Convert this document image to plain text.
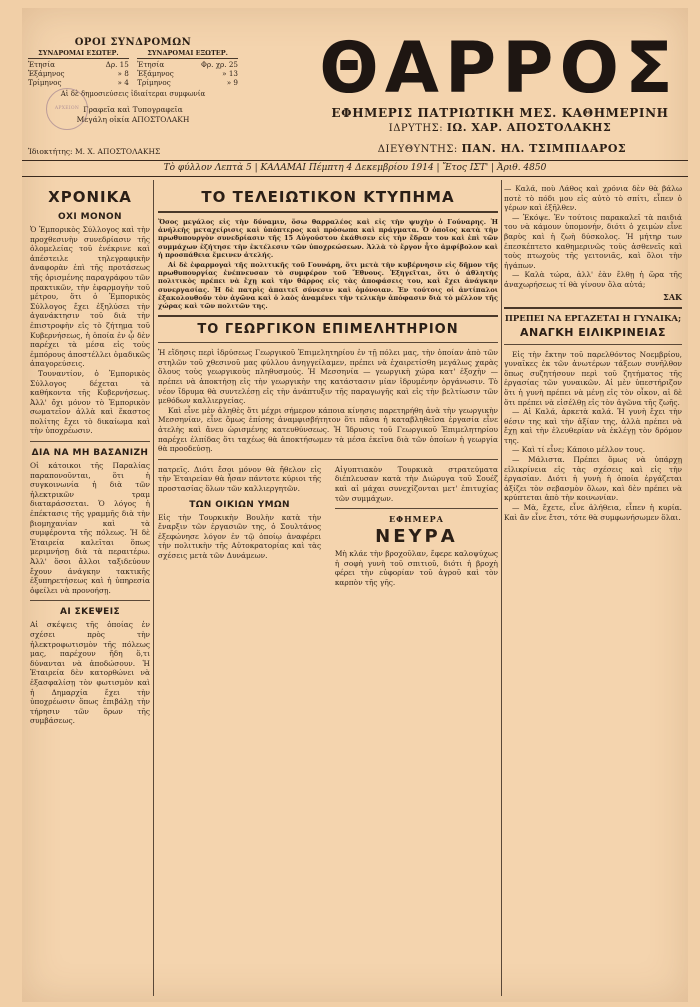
ΟΡΟΙ ΣΥΝΔΡΟΜΩΝ
ΣΥΝΔΡΟΜΑΙ ΕΣΩΤΕΡ.
Ἐτησία	Δρ. 15
Ἑξάμηνος	» 8
Τρίμηνος	» 4
ΣΥΝΔΡΟΜΑΙ ΕΞΩΤΕΡ.
Ἐτησία	Φρ. χρ. 25
Ἑξάμηνος	» 13
Τρίμηνος	» 9
Αἱ δὲ δημοσιεύσεις ἰδιαίτεραι συμφωνία
Γραφεῖα καὶ Τυπογραφεῖα
Μεγάλη οἰκία ΑΠΟΣΤΟΛΑΚΗ
ΑΡΧΕΙΟΝ	ΘΑΡΡΟΣ
ΕΦΗΜΕΡΙΣ ΠΑΤΡΙΩΤΙΚΗ ΜΕΣ. ΚΑΘΗΜΕΡΙΝΗ
ΙΔΡΥΤΗΣ: ΙΩ. ΧΑΡ. ΑΠΟΣΤΟΛΑΚΗΣ
Ἰδιοκτήτης: Μ. Χ. ΑΠΟΣΤΟΛΑΚΗΣ	ΔΙΕΥΘΥΝΤΗΣ: ΠΑΝ. ΗΛ. ΤΣΙΜΠΙΔΑΡΟΣ
Τὸ φύλλον Λεπτὰ 5 | ΚΑΛΑΜΑΙ Πέμπτη 4 Δεκεμβρίου 1914 | Ἔτος ΙΣΤ' | Ἀριθ. 4850
ΧΡΟΝΙΚΑ
ΟΧΙ ΜΟΝΟΝ

Ὁ Ἐμπορικὸς Σύλλογος καὶ τὴν προχθεσινὴν συνεδρίασιν τῆς ὁλομελείας τοῦ ἐνέκρινε καὶ ἀπέστειλε τηλεγραφικὴν ἀναφορὰν ἐπὶ τῆς προτάσεως τῆς ὁρισμένης παραγράφου τῶν πρακτικῶν, τὴν ἐφαρμογὴν τοῦ μέτρου, ὅτι ὁ Ἐμπορικὸς Σύλλογος ἔχει ἐξηλύσει τὴν ἀγανάκτησιν τοῦ διὰ τὴν ἐπιστροφὴν εἰς τὸ ζήτημα τοῦ Κυβερνήσεως, ἡ ὁποία ἐν ᾧ δὲν παρέχει τὰ μέσα εἰς τοὺς ἐμπόρους ἀποστέλλει ὁμαδικῶς ἀπαγορεύσεις.

Τουναντίον, ὁ Ἐμπορικὸς Σύλλογος δέχεται τὰ καθήκοντα τῆς Κυβερνήσεως. Ἀλλ' ὄχι μόνον τὸ Ἐμπορικὸν σωματεῖον ἀλλὰ καὶ ἕκαστος πολίτης ἔχει τὸ δικαίωμα καὶ τὴν ὑποχρέωσιν.

ΔΙΑ ΝΑ ΜΗ ΒΑΣΑΝΙΖΗ

Οἱ κάτοικοι τῆς Παραλίας παραπονοῦνται, ὅτι ἡ συγκοινωνία ἡ διὰ τῶν ἠλεκτρικῶν τραμ διαταράσσεται. Ὁ λόγος ἡ ἐπέκτασις τῆς γραμμῆς διὰ τὴν βιομηχανίαν καὶ τὰ συμφέροντα τῆς πόλεως. Ἡ δὲ Ἑταιρεία καλεῖται ὅπως μεριμνήσῃ διὰ τὰ περαιτέρω. Ἀλλ' ὅσοι ἄλλοι ταξιδεύουν ἔχουν ἀνάγκην τακτικῆς ἐξυπηρετήσεως καὶ ἡ ὑπηρεσία ὀφείλει νὰ προνοήσῃ.

ΑΙ ΣΚΕΨΕΙΣ

Αἱ σκέψεις τῆς ὁποίας ἐν σχέσει πρὸς τὴν ἠλεκτροφωτισμὸν τῆς πόλεως μας, παρέχουν ἤδη ὅ,τι δύνανται νὰ ἀποδώσουν. Ἡ Ἑταιρεία δὲν κατορθώνει νὰ ἐξασφαλίσῃ τὸν φωτισμὸν καὶ ἡ Δημαρχία ἔχει τὴν ὑποχρέωσιν ὅπως ἐπιβάλῃ τὴν τήρησιν τῶν ὅρων τῆς συμβάσεως.

ΤΟ ΤΕΛΕΙΩΤΙΚΟΝ ΚΤΥΠΗΜΑ

Ὅσος μεγάλος εἰς τὴν δύναμιν, ὅσω θαρραλέος καὶ εἰς τὴν ψυχὴν ὁ Γούναρης. Ἡ ἀνήλεὴς μεταχείρισις καὶ ὑπόπτερος καὶ πρόσωπα καὶ πράγματα. Ὁ ὁποῖος κατὰ τὴν πρωθυπουργὸν συνεδρίασιν τῆς 15 Αὐγούστου ἐκάθισεν εἰς τὴν ἔδραν του καὶ ἐπὶ τῶν συμμάχων ἐζήτησε τὴν ἐκτέλεσιν τῶν ὑποχρεώσεων. Ἀλλὰ τὸ ἔργον ἦτο ἀμφίβολον καὶ ἡ προσπάθεια ἔμεινεν ἀτελής.

Αἱ δὲ ἐφαρμογαὶ τῆς πολιτικῆς τοῦ Γουνάρη, ὅτι μετὰ τὴν κυβέρνησιν εἰς δῆμον τῆς πρωθυπουργίας ἐνέπνευσαν τὸ συμφέρον τοῦ Ἔθνους. Ἐξηγεῖται, ὅτι ὁ ἀθλητὴς πολιτικὸς πρέπει νὰ ἔχῃ καὶ τὴν θάρρος εἰς τὰς ἀποφάσεις του, καὶ ἔχει ἀνάγκην συνεργασίας. Ἡ δὲ πατρὶς ἀπαιτεῖ σύνεσιν καὶ ὁμόνοιαν. Ἐν τούτοις οἱ ἀντίπαλοι ἐξακολουθοῦν τὸν ἀγῶνα καὶ ὁ λαὸς ἀναμένει τὴν τελικὴν ἀπόφασιν διὰ τὸ μέλλον τῆς χώρας καὶ τῶν πολιτῶν της.

ΤΟ ΓΕΩΡΓΙΚΟΝ ΕΠΙΜΕΛΗΤΗΡΙΟΝ

Ἡ εἴδησις περὶ ἱδρύσεως Γεωργικοῦ Ἐπιμελητηρίου ἐν τῇ πόλει μας, τὴν ὁποίαν ἀπὸ τῶν στηλῶν τοῦ χθεσινοῦ μας φύλλου ἀνηγγείλαμεν, πρέπει νὰ ἐχαιρετίσθη μεγάλως χαρὰς ὅλους τοὺς γεωργικοὺς πληθυσμούς. Ἡ Μεσσηνία — γεωργικὴ χώρα κατ' ἐξοχὴν — πρέπει νὰ ἀποκτήσῃ εἰς τὴν γεωργικὴν της κατάστασιν μίαν ἰδρυμένην ὀργάνωσιν. Τὸ νέον ἴδρυμα θὰ συντελέσῃ εἰς τὴν ἀνάπτυξιν τῆς παραγωγῆς καὶ εἰς τὴν βελτίωσιν τῶν μεθόδων καλλιεργείας.

Καὶ εἶνε μὲν ἀληθὲς ὅτι μέχρι σήμερον κάποια κίνησις παρετηρήθη ἀνὰ τὴν γεωργικὴν Μεσσηνίαν, εἶνε ὅμως ἐπίσης ἀναμφισβήτητον ὅτι πᾶσα ἡ καταβληθεῖσα ἐργασία εἶνε ἀτελὴς καὶ ἄνευ ὡρισμένης κατευθύνσεως. Ἡ Ἰδρυσις τοῦ Γεωργικοῦ Ἐπιμελητηρίου παρέχει ἐλπίδας ὅτι ταχέως θὰ ἀποκτήσωμεν τὰ μέσα ἐκεῖνα διὰ τῶν ὁποίων ἡ γεωργία θὰ προοδεύσῃ.

πατρεῖς. Διότι ἔσοι μόνον θὰ ἤθελον εἰς τὴν Ἑταιρείαν θὰ ἦσαν πάντοτε κύριοι τῆς προστασίας ὅλων τῶν καλλιεργητῶν.

ΤΩΝ ΟΙΚΙΩΝ ΥΜΩΝ

Εἰς τὴν Τουρκικὴν Βουλὴν κατὰ τὴν ἔναρξιν τῶν ἐργασιῶν της, ὁ Σουλτάνος ἐξεφώνησε λόγον ἐν τῷ ὁποίῳ ἀναφέρει τὴν πολιτικὴν τῆς Αὐτοκρατορίας καὶ τὰς σχέσεις μετὰ τῶν Δυνάμεων.

Αἰγυπτιακὸν Τουρκικὰ στρατεύματα διέπλευσαν κατὰ τὴν Διώρυγα τοῦ Σουέζ καὶ αἱ μάχαι συνεχίζονται μετ' ἐπιτυχίας τῶν συμμάχων.

ΕΦΗΜΕΡΑ
ΝΕΥΡΑ

Μὴ κλάε τὴν βροχοῦλαν, ἔφερε καλοψύχως ἡ σοφὴ γυνὴ τοῦ σπιτιοῦ, διότι ἡ βροχὴ φέρει τὴν εὐφορίαν τοῦ ἀγροῦ καὶ τὸν καρπὸν τῆς γῆς.

— Καλά, ποὺ Λάθος καὶ χρόνια δὲν θὰ βάλω ποτὲ τὸ πόδι μου εἰς αὐτὸ τὸ σπίτι, εἶπεν ὁ γέρων καὶ ἐξῆλθεν.

— Ἐκόψε. Ἐν τούτοις παρακαλεῖ τὰ παιδιά του νὰ κάμουν ὑπομονήν, διότι ὁ χειμὼν εἶνε βαρὺς καὶ ἡ ζωὴ δύσκολος. Ἡ μήτηρ των ἐπεσκέπτετο καθημερινῶς τοὺς ἀσθενεῖς καὶ τοὺς πτωχοὺς τῆς γειτονιᾶς, καὶ ὅλοι τὴν ἠγάπων.

— Καλὰ τώρα, ἀλλ' ἐὰν ἔλθῃ ἡ ὥρα τῆς ἀναχωρήσεως τί θὰ γίνουν ὅλα αὐτά;

ΣΑΚ
ΠΡΕΠΕΙ ΝΑ ΕΡΓΑΖΕΤΑΙ Η ΓΥΝΑΙΚΑ;
ΑΝΑΓΚΗ ΕΙΛΙΚΡΙΝΕΙΑΣ

Εἰς τὴν ἔκτην τοῦ παρελθόντος Νοεμβρίου, γυναῖκες ἐκ τῶν ἀνωτέρων τάξεων συνῆλθον ὅπως συζητήσουν περὶ τοῦ ζητήματος τῆς ἐργασίας τῶν γυναικῶν. Αἱ μὲν ὑπεστήριζον ὅτι ἡ γυνὴ πρέπει νὰ μένῃ εἰς τὸν οἶκον, αἱ δὲ ὅτι πρέπει νὰ εἰσέλθῃ εἰς τὸν ἀγῶνα τῆς ζωῆς.

— Αἱ Καλά, ἀρκετὰ καλά. Ἡ γυνὴ ἔχει τὴν θέσιν της καὶ τὴν ἀξίαν της, ἀλλὰ πρέπει νὰ ἔχῃ καὶ τὴν ἐλευθερίαν νὰ ἐκλέγῃ τὸν δρόμον της.

— Καὶ τί εἶνε; Κάποιο μέλλον τους.

— Μάλιστα. Πρέπει ὅμως νὰ ὑπάρχῃ εἰλικρίνεια εἰς τὰς σχέσεις καὶ εἰς τὴν ἐργασίαν. Διότι ἡ γυνὴ ἡ ὁποία ἐργάζεται ἀξίζει τὸν σεβασμὸν ὅλων, καὶ δὲν πρέπει νὰ κρύπτεται ἀπὸ τὴν κοινωνίαν.

— Μὰ, ἔχετε, εἶνε ἀλήθεια, εἶπεν ἡ κυρία. Καὶ ἂν εἶνε ἔτσι, τότε θὰ συμφωνήσωμεν ὅλαι.
